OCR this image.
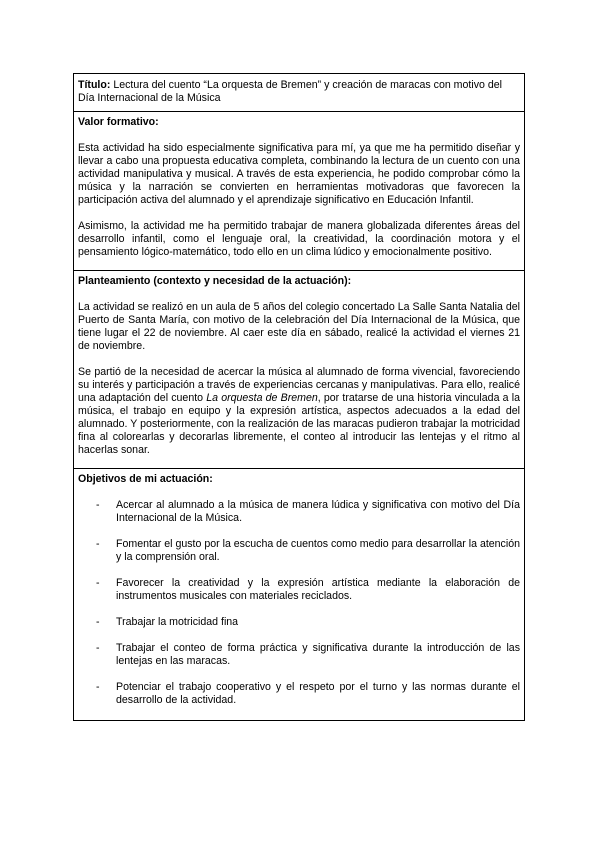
Título: Lectura del cuento “La orquesta de Bremen” y creación de maracas con motivo del Día Internacional de la Música
Valor formativo:

Esta actividad ha sido especialmente significativa para mí, ya que me ha permitido diseñar y llevar a cabo una propuesta educativa completa, combinando la lectura de un cuento con una actividad manipulativa y musical. A través de esta experiencia, he podido comprobar cómo la música y la narración se convierten en herramientas motivadoras que favorecen la participación activa del alumnado y el aprendizaje significativo en Educación Infantil.

Asimismo, la actividad me ha permitido trabajar de manera globalizada diferentes áreas del desarrollo infantil, como el lenguaje oral, la creatividad, la coordinación motora y el pensamiento lógico-matemático, todo ello en un clima lúdico y emocionalmente positivo.

Planteamiento (contexto y necesidad de la actuación):

La actividad se realizó en un aula de 5 años del colegio concertado La Salle Santa Natalia del Puerto de Santa María, con motivo de la celebración del Día Internacional de la Música, que tiene lugar el 22 de noviembre. Al caer este día en sábado, realicé la actividad el viernes 21 de noviembre.

Se partió de la necesidad de acercar la música al alumnado de forma vivencial, favoreciendo su interés y participación a través de experiencias cercanas y manipulativas. Para ello, realicé una adaptación del cuento La orquesta de Bremen, por tratarse de una historia vinculada a la música, el trabajo en equipo y la expresión artística, aspectos adecuados a la edad del alumnado. Y posteriormente, con la realización de las maracas pudieron trabajar la motricidad fina al colorearlas y decorarlas libremente, el conteo al introducir las lentejas y el ritmo al hacerlas sonar.

Objetivos de mi actuación:
- Acercar al alumnado a la música de manera lúdica y significativa con motivo del Día Internacional de la Música.
- Fomentar el gusto por la escucha de cuentos como medio para desarrollar la atención y la comprensión oral.
- Favorecer la creatividad y la expresión artística mediante la elaboración de instrumentos musicales con materiales reciclados.
- Trabajar la motricidad fina
- Trabajar el conteo de forma práctica y significativa durante la introducción de las lentejas en las maracas.
- Potenciar el trabajo cooperativo y el respeto por el turno y las normas durante el desarrollo de la actividad.
